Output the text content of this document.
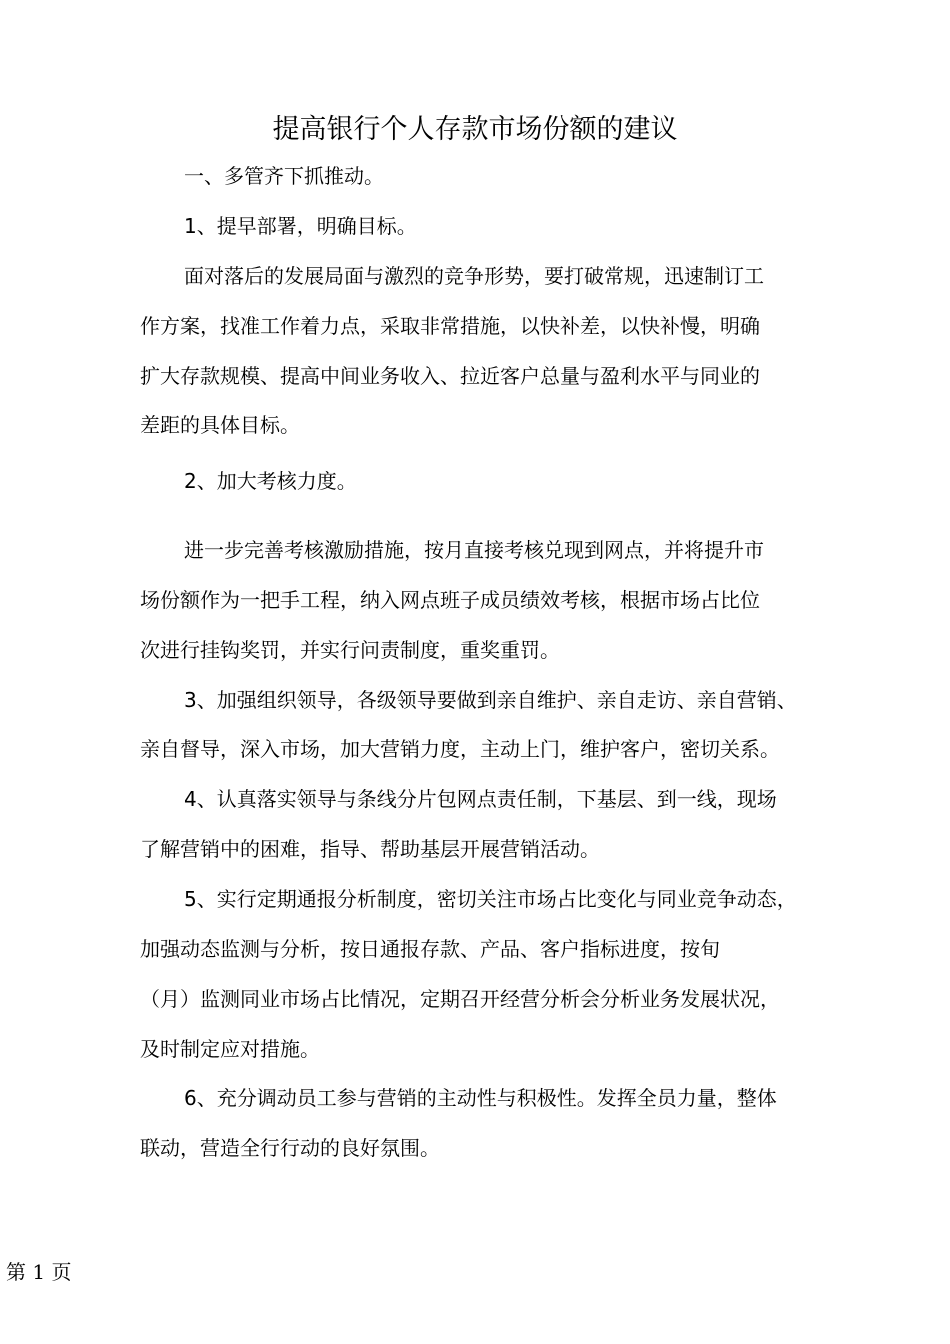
提高银行个人存款市场份额的建议
一、多管齐下抓推动。
1、提早部署，明确目标。
面对落后的发展局面与激烈的竞争形势，要打破常规，迅速制订工
作方案，找准工作着力点，采取非常措施，以快补差，以快补慢，明确
扩大存款规模、提高中间业务收入、拉近客户总量与盈利水平与同业的
差距的具体目标。
2、加大考核力度。
进一步完善考核激励措施，按月直接考核兑现到网点，并将提升市
场份额作为一把手工程，纳入网点班子成员绩效考核，根据市场占比位
次进行挂钩奖罚，并实行问责制度，重奖重罚。
3、加强组织领导，各级领导要做到亲自维护、亲自走访、亲自营销、
亲自督导，深入市场，加大营销力度，主动上门，维护客户，密切关系。
4、认真落实领导与条线分片包网点责任制，下基层、到一线，现场
了解营销中的困难，指导、帮助基层开展营销活动。
5、实行定期通报分析制度，密切关注市场占比变化与同业竞争动态，
加强动态监测与分析，按日通报存款、产品、客户指标进度，按旬
（月）监测同业市场占比情况，定期召开经营分析会分析业务发展状况，
及时制定应对措施。
6、充分调动员工参与营销的主动性与积极性。发挥全员力量，整体
联动，营造全行行动的良好氛围。
第 1 页
